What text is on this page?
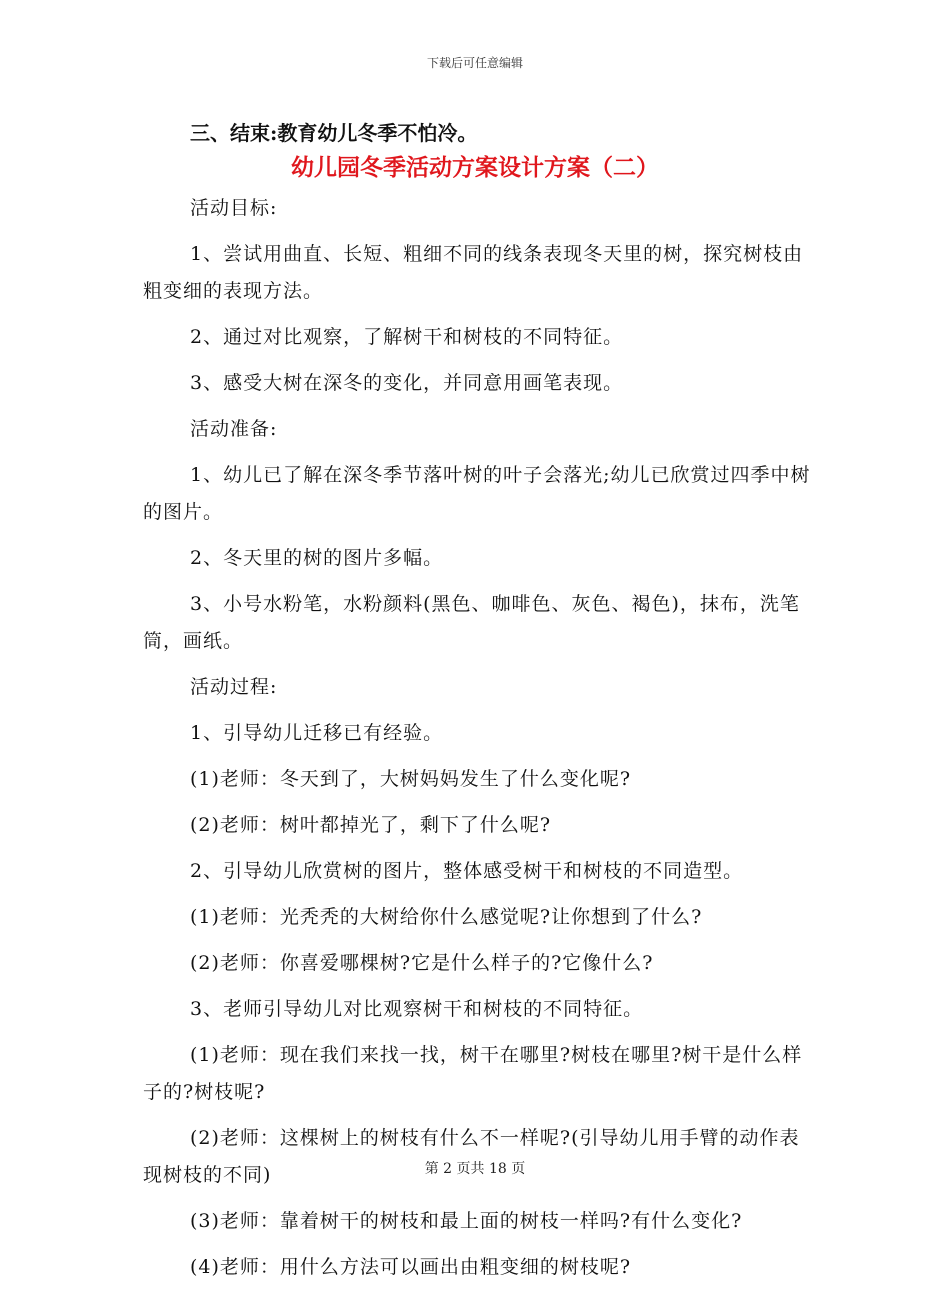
下载后可任意编辑
三、结束:教育幼儿冬季不怕冷。
幼儿园冬季活动方案设计方案（二）

活动目标:

1、尝试用曲直、长短、粗细不同的线条表现冬天里的树，探究树枝由粗变细的表现方法。

2、通过对比观察，了解树干和树枝的不同特征。

3、感受大树在深冬的变化，并同意用画笔表现。

活动准备:

1、幼儿已了解在深冬季节落叶树的叶子会落光;幼儿已欣赏过四季中树的图片。

2、冬天里的树的图片多幅。

3、小号水粉笔，水粉颜料(黑色、咖啡色、灰色、褐色)，抹布，洗笔筒，画纸。

活动过程:

1、引导幼儿迁移已有经验。

(1)老师：冬天到了，大树妈妈发生了什么变化呢?

(2)老师：树叶都掉光了，剩下了什么呢?

2、引导幼儿欣赏树的图片，整体感受树干和树枝的不同造型。

(1)老师：光秃秃的大树给你什么感觉呢?让你想到了什么?

(2)老师：你喜爱哪棵树?它是什么样子的?它像什么?

3、老师引导幼儿对比观察树干和树枝的不同特征。

(1)老师：现在我们来找一找，树干在哪里?树枝在哪里?树干是什么样子的?树枝呢?

(2)老师：这棵树上的树枝有什么不一样呢?(引导幼儿用手臂的动作表现树枝的不同)

(3)老师：靠着树干的树枝和最上面的树枝一样吗?有什么变化?

(4)老师：用什么方法可以画出由粗变细的树枝呢?

第 2 页共 18 页
